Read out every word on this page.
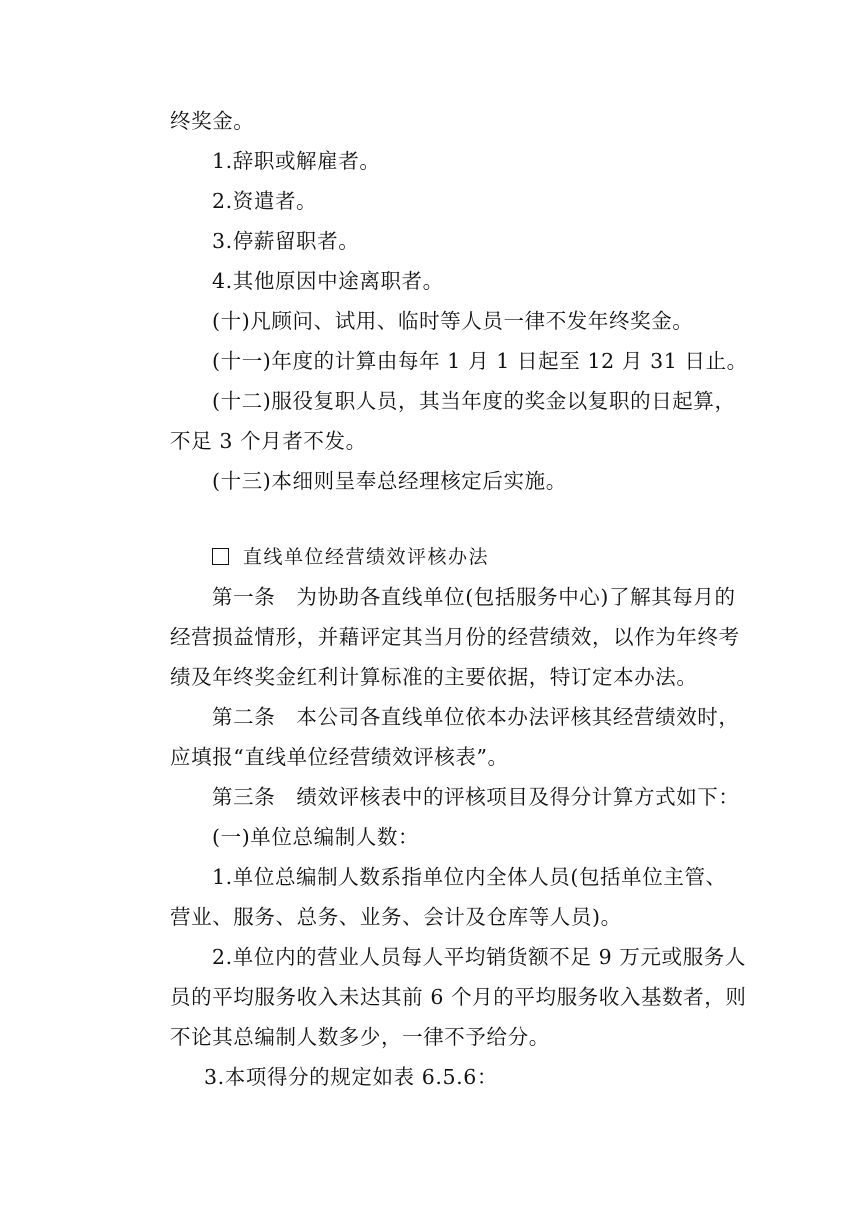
终奖金。
1.辞职或解雇者。
2.资遣者。
3.停薪留职者。
4.其他原因中途离职者。
(十)凡顾问、试用、临时等人员一律不发年终奖金。
(十一)年度的计算由每年 1 月 1 日起至 12 月 31 日止。
(十二)服役复职人员，其当年度的奖金以复职的日起算，
不足 3 个月者不发。
(十三)本细则呈奉总经理核定后实施。
直线单位经营绩效评核办法
第一条　为协助各直线单位(包括服务中心)了解其每月的
经营损益情形，并藉评定其当月份的经营绩效，以作为年终考
绩及年终奖金红利计算标准的主要依据，特订定本办法。
第二条　本公司各直线单位依本办法评核其经营绩效时，
应填报“直线单位经营绩效评核表”。
第三条　绩效评核表中的评核项目及得分计算方式如下：
(一)单位总编制人数：
1.单位总编制人数系指单位内全体人员(包括单位主管、
营业、服务、总务、业务、会计及仓库等人员)。
2.单位内的营业人员每人平均销货额不足 9 万元或服务人
员的平均服务收入未达其前 6 个月的平均服务收入基数者，则
不论其总编制人数多少，一律不予给分。
3.本项得分的规定如表 6.5.6：
